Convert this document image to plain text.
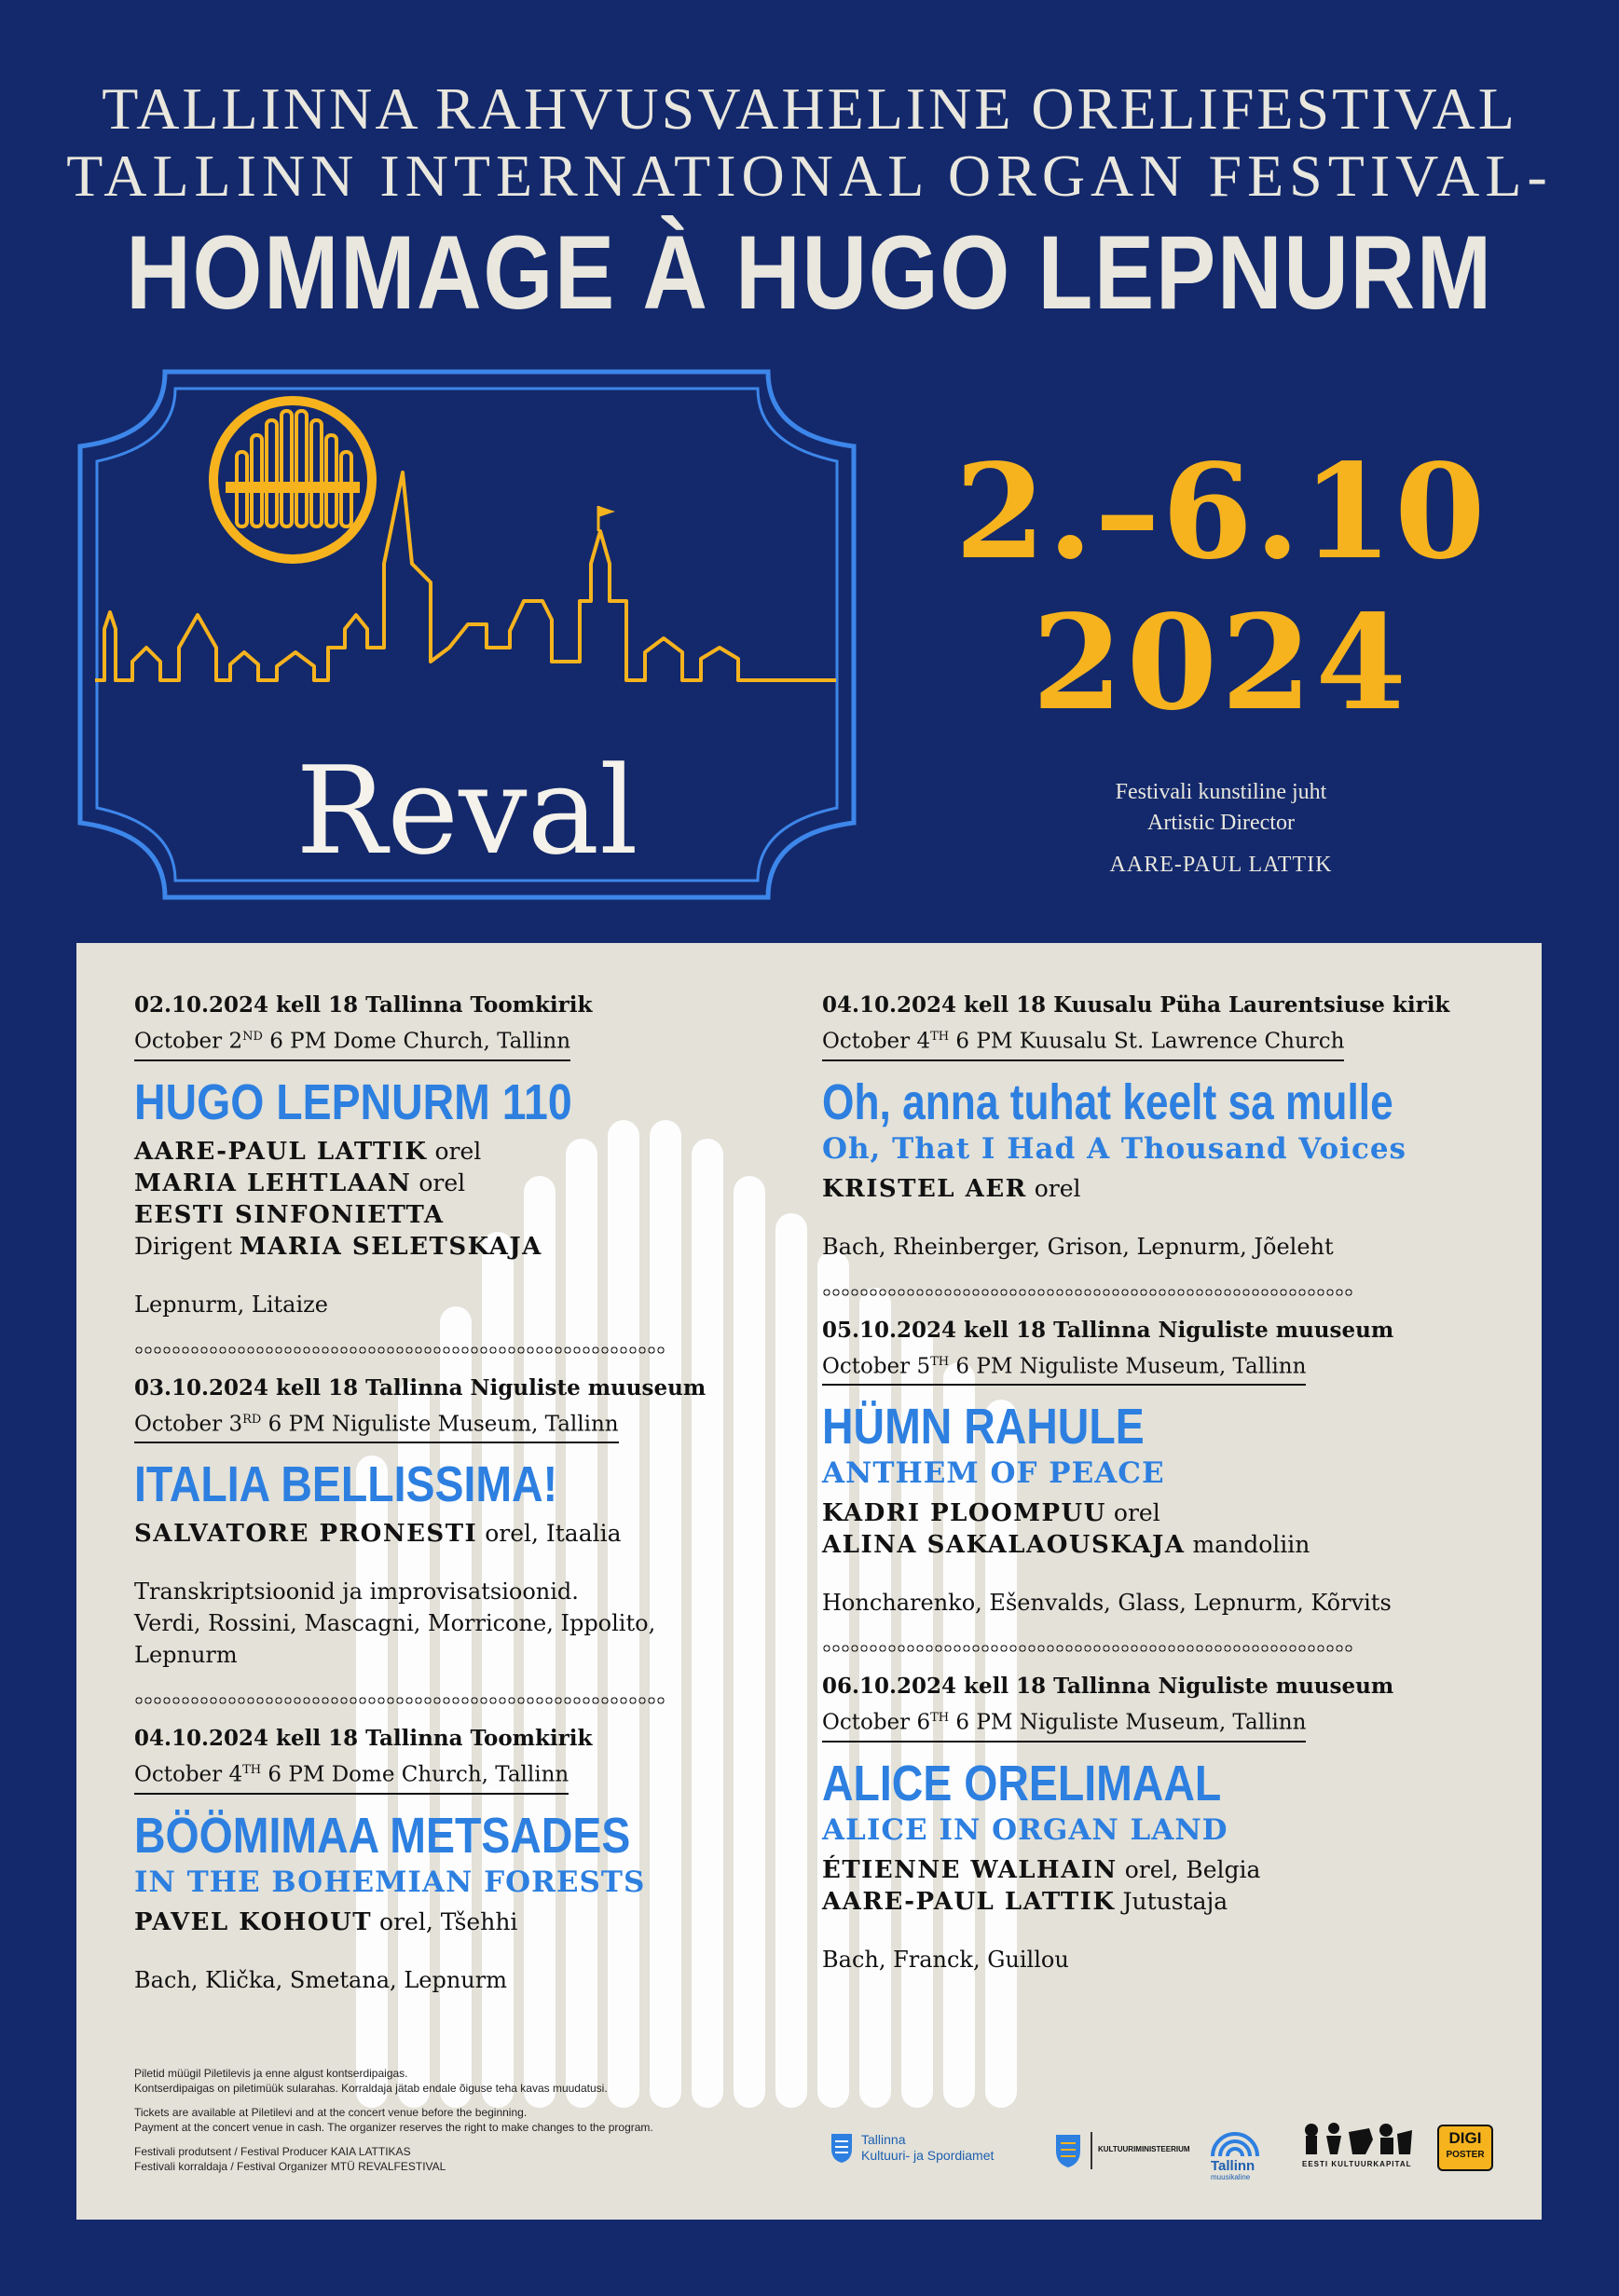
TALLINNA RAHVUSVAHELINE ORELIFESTIVAL
TALLINN INTERNATIONAL ORGAN FESTIVAL-
HOMMAGE À HUGO LEPNURM
Reval
2.–6.10
2024
Festivali kunstiline juht
Artistic Director
AARE-PAUL LATTIK
02.10.2024 kell 18 Tallinna Toomkirik
October 2ND 6 PM Dome Church, Tallinn
HUGO LEPNURM 110
AARE-PAUL LATTIK orel
MARIA LEHTLAAN orel
EESTI SINFONIETTA
Dirigent MARIA SELETSKAJA
Lepnurm, Litaize
03.10.2024 kell 18 Tallinna Niguliste muuseum
October 3RD 6 PM Niguliste Museum, Tallinn
ITALIA BELLISSIMA!
SALVATORE PRONESTI orel, Itaalia
Transkriptsioonid ja improvisatsioonid.
Verdi, Rossini, Mascagni, Morricone, Ippolito, Lepnurm
04.10.2024 kell 18 Tallinna Toomkirik
October 4TH 6 PM Dome Church, Tallinn
BÖÖMIMAA METSADES
IN THE BOHEMIAN FORESTS
PAVEL KOHOUT orel, Tšehhi
Bach, Klička, Smetana, Lepnurm
04.10.2024 kell 18 Kuusalu Püha Laurentsiuse kirik
October 4TH 6 PM Kuusalu St. Lawrence Church
Oh, anna tuhat keelt sa mulle
Oh, That I Had A Thousand Voices
KRISTEL AER orel
Bach, Rheinberger, Grison, Lepnurm, Jõeleht
05.10.2024 kell 18 Tallinna Niguliste muuseum
October 5TH 6 PM Niguliste Museum, Tallinn
HÜMN RAHULE
ANTHEM OF PEACE
KADRI PLOOMPUU orel
ALINA SAKALAOUSKAJA mandoliin
Honcharenko, Ešenvalds, Glass, Lepnurm, Kõrvits
06.10.2024 kell 18 Tallinna Niguliste muuseum
October 6TH 6 PM Niguliste Museum, Tallinn
ALICE ORELIMAAL
ALICE IN ORGAN LAND
ÉTIENNE WALHAIN orel, Belgia
AARE-PAUL LATTIK Jutustaja
Bach, Franck, Guillou

Piletid müügil Piletilevis ja enne algust kontserdipaigas.
Kontserdipaigas on piletimüük sularahas. Korraldaja jätab endale õiguse teha kavas muudatusi.

Tickets are available at Piletilevi and at the concert venue before the beginning.
Payment at the concert venue in cash. The organizer reserves the right to make changes to the program.

Festivali produtsent / Festival Producer KAIA LATTIKAS
Festivali korraldaja / Festival Organizer MTÜ REVALFESTIVAL

Tallinna
Kultuuri- ja Spordiamet	KULTUURIMINISTEERIUM
Tallinn
muusikaline
EESTI KULTUURKAPITAL
DIGI
POSTER
